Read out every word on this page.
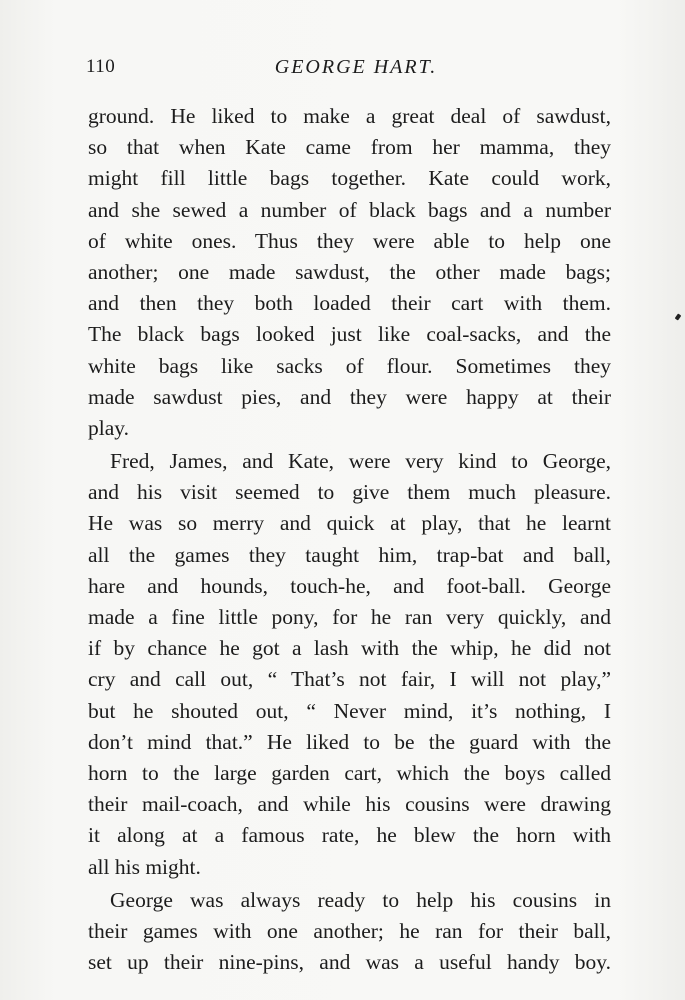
110	GEORGE HART.

ground. He liked to make a great deal of sawdust,
so that when Kate came from her mamma, they
might fill little bags together. Kate could work,
and she sewed a number of black bags and a number
of white ones. Thus they were able to help one
another; one made sawdust, the other made bags;
and then they both loaded their cart with them.
The black bags looked just like coal-sacks, and the
white bags like sacks of flour. Sometimes they
made sawdust pies, and they were happy at their
play.

Fred, James, and Kate, were very kind to George,
and his visit seemed to give them much pleasure.
He was so merry and quick at play, that he learnt
all the games they taught him, trap-bat and ball,
hare and hounds, touch-he, and foot-ball. George
made a fine little pony, for he ran very quickly, and
if by chance he got a lash with the whip, he did not
cry and call out, “ That’s not fair, I will not play,”
but he shouted out, “ Never mind, it’s nothing, I
don’t mind that.” He liked to be the guard with the
horn to the large garden cart, which the boys called
their mail-coach, and while his cousins were drawing
it along at a famous rate, he blew the horn with
all his might.

George was always ready to help his cousins in
their games with one another; he ran for their ball,
set up their nine-pins, and was a useful handy boy.
